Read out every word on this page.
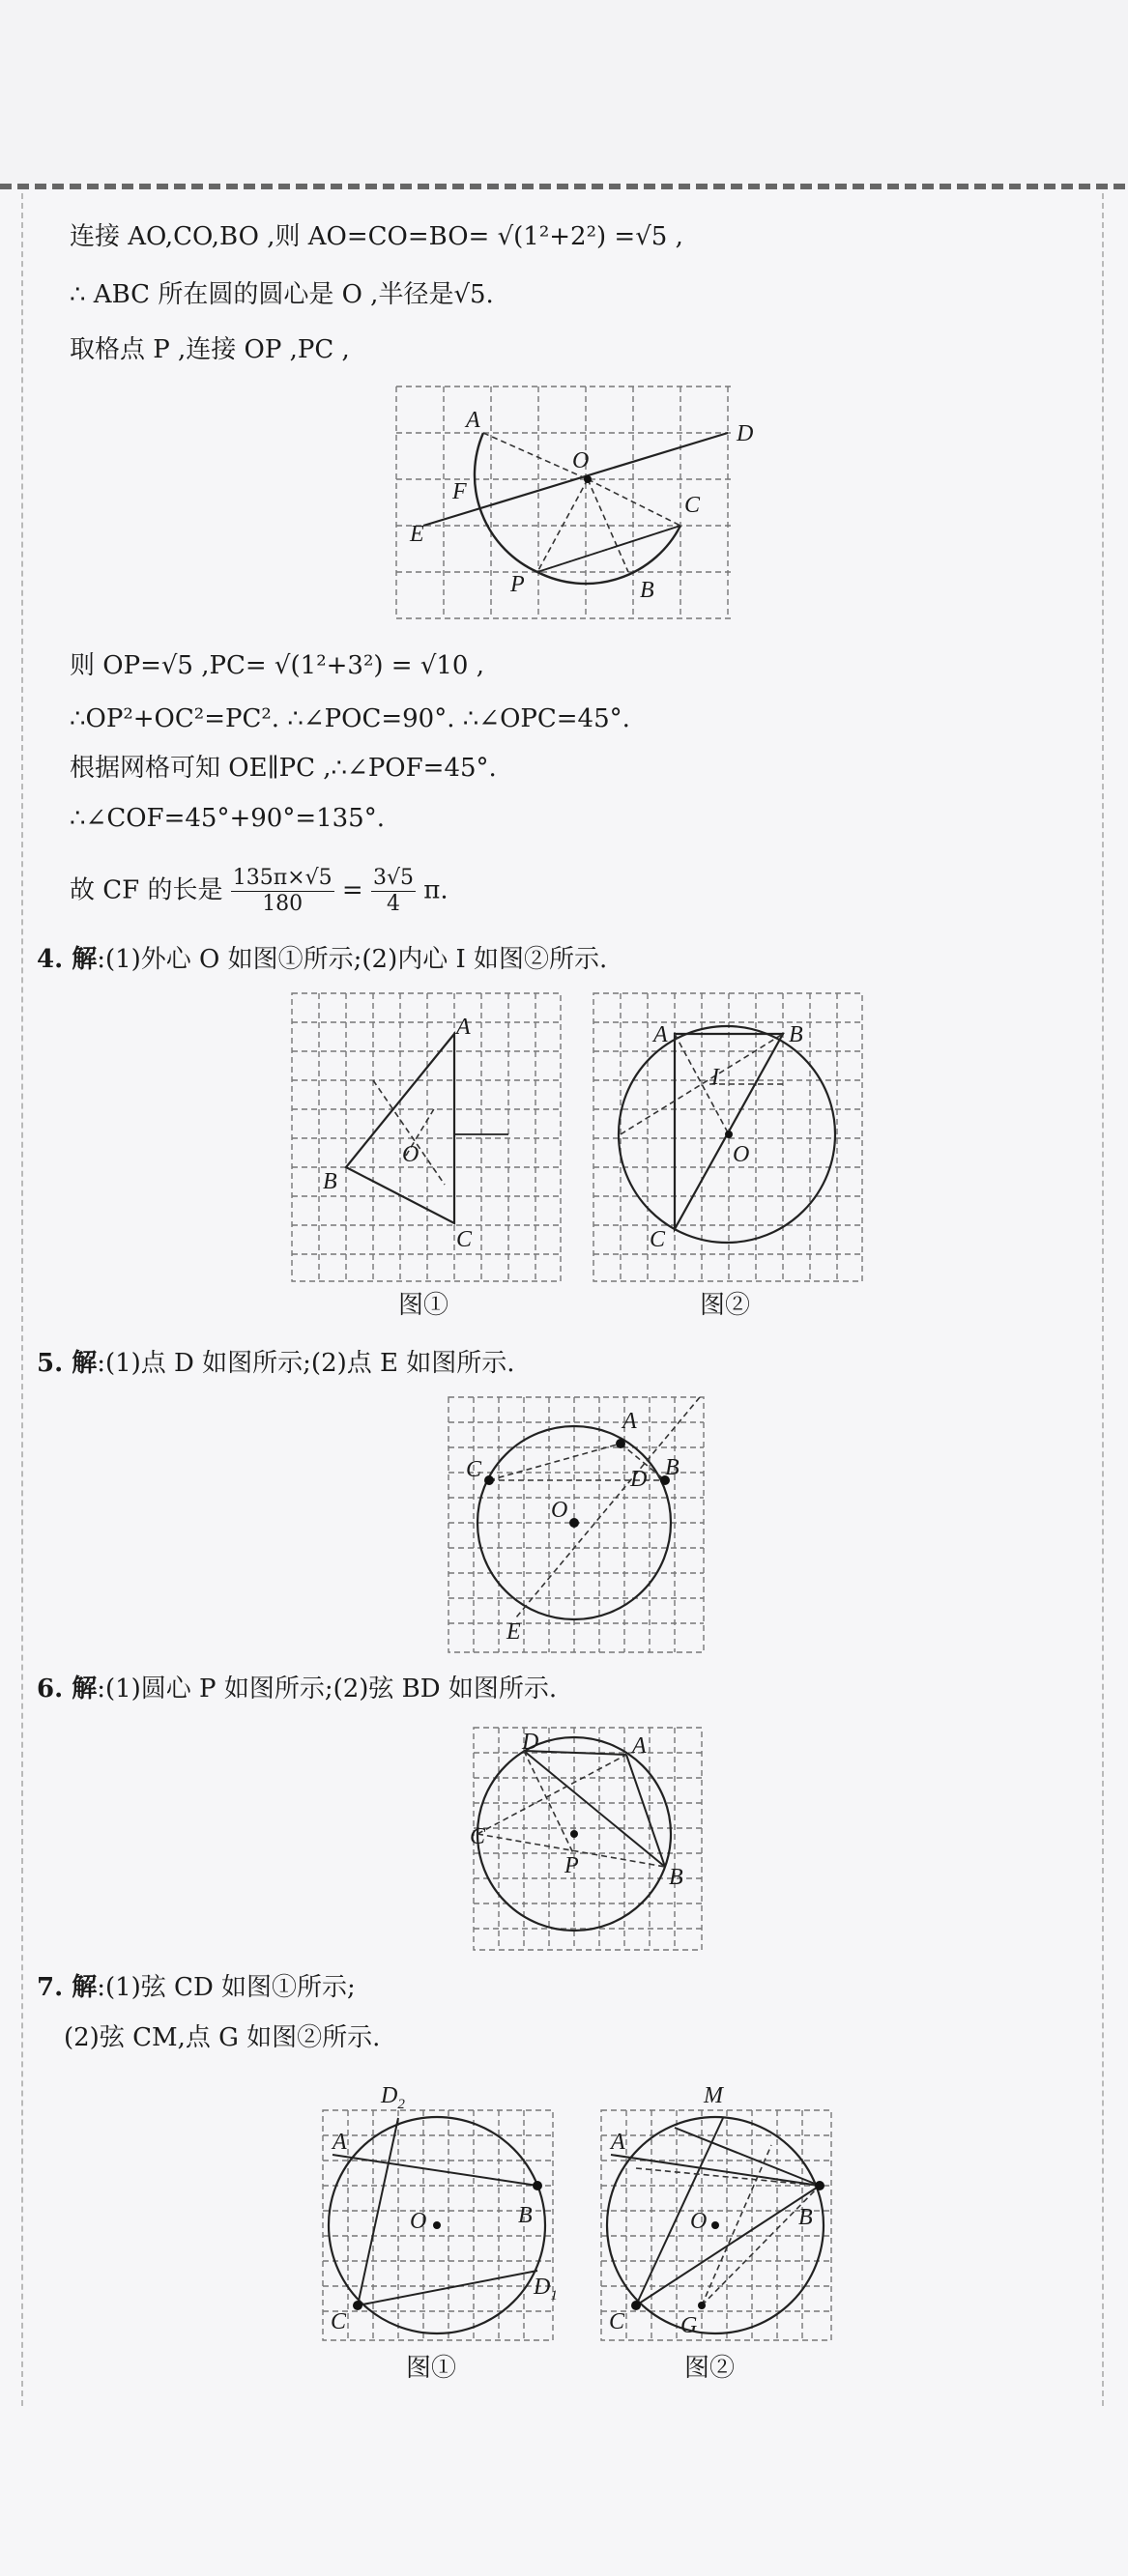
连接 AO,CO,BO ,则 AO=CO=BO= √(1²+2²) =√5 ,
∴ ABC 所在圆的圆心是 O ,半径是√5.
取格点 P ,连接 OP ,PC ,
A
D
O
F
C
E
P	B
则 OP=√5 ,PC= √(1²+3²) = √10 ,
∴OP²+OC²=PC². ∴∠POC=90°. ∴∠OPC=45°.
根据网格可知 OE∥PC ,∴∠POF=45°.
∴∠COF=45°+90°=135°.
故 CF 的长是 $\frac{135\pi\times√5}{180} = \frac{3√5}{4} \pi$.
4. 解:(1)外心 O 如图①所示;(2)内心 I 如图②所示.
A
B
C
O
A	B
C
I
O
图①	图②
5. 解:(1)点 D 如图所示;(2)点 E 如图所示.
C
A
B
D
O
E
6. 解:(1)圆心 P 如图所示;(2)弦 BD 如图所示.
D	A
C
P	B
7. 解:(1)弦 CD 如图①所示;
(2)弦 CM,点 G 如图②所示.
$D_2$
A
O	B
$D_1$
C
M
A
O	B
C G
图①	图②
